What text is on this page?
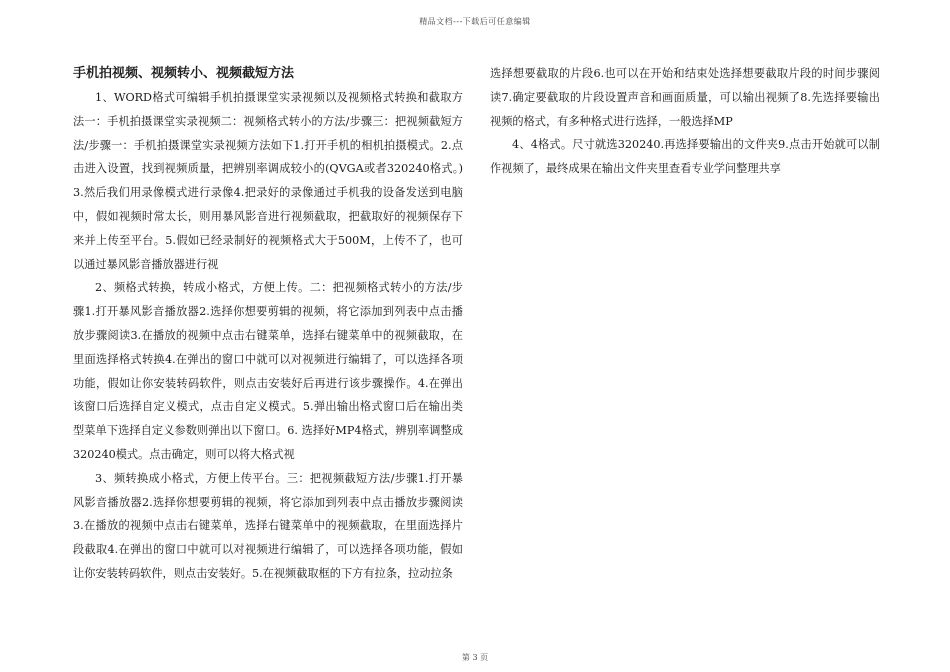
精品文档---下载后可任意编辑
手机拍视频、视频转小、视频截短方法

1、WORD格式可编辑手机拍摄课堂实录视频以及视频格式转换和截取方法一：手机拍摄课堂实录视频二：视频格式转小的方法/步骤三：把视频截短方法/步骤一：手机拍摄课堂实录视频方法如下1.打开手机的相机拍摄模式。2.点击进入设置，找到视频质量，把辨别率调成较小的(QVGA或者320240格式。)　　3.然后我们用录像模式进行录像4.把录好的录像通过手机我的设备发送到电脑中，假如视频时常太长，则用暴风影音进行视频截取，把截取好的视频保存下来并上传至平台。5.假如已经录制好的视频格式大于500M，上传不了，也可以通过暴风影音播放器进行视

2、频格式转换，转成小格式，方便上传。二：把视频格式转小的方法/步骤1.打开暴风影音播放器2.选择你想要剪辑的视频，将它添加到列表中点击播放步骤阅读3.在播放的视频中点击右键菜单，选择右键菜单中的视频截取，在里面选择格式转换4.在弹出的窗口中就可以对视频进行编辑了，可以选择各项功能，假如让你安装转码软件，则点击安装好后再进行该步骤操作。4.在弹出该窗口后选择自定义模式，点击自定义模式。5.弹出输出格式窗口后在输出类型菜单下选择自定义参数则弹出以下窗口。6. 选择好MP4格式，辨别率调整成320240模式。点击确定，则可以将大格式视

3、频转换成小格式，方便上传平台。三：把视频截短方法/步骤1.打开暴风影音播放器2.选择你想要剪辑的视频，将它添加到列表中点击播放步骤阅读3.在播放的视频中点击右键菜单，选择右键菜单中的视频截取，在里面选择片段截取4.在弹出的窗口中就可以对视频进行编辑了，可以选择各项功能，假如让你安装转码软件，则点击安装好。5.在视频截取框的下方有拉条，拉动拉条

选择想要截取的片段6.也可以在开始和结束处选择想要截取片段的时间步骤阅读7.确定要截取的片段设置声音和画面质量，可以输出视频了8.先选择要输出视频的格式，有多种格式进行选择，一般选择MP

4、4格式。尺寸就选320240.再选择要输出的文件夹9.点击开始就可以制作视频了，最终成果在输出文件夹里查看专业学问整理共享

第 3 页
